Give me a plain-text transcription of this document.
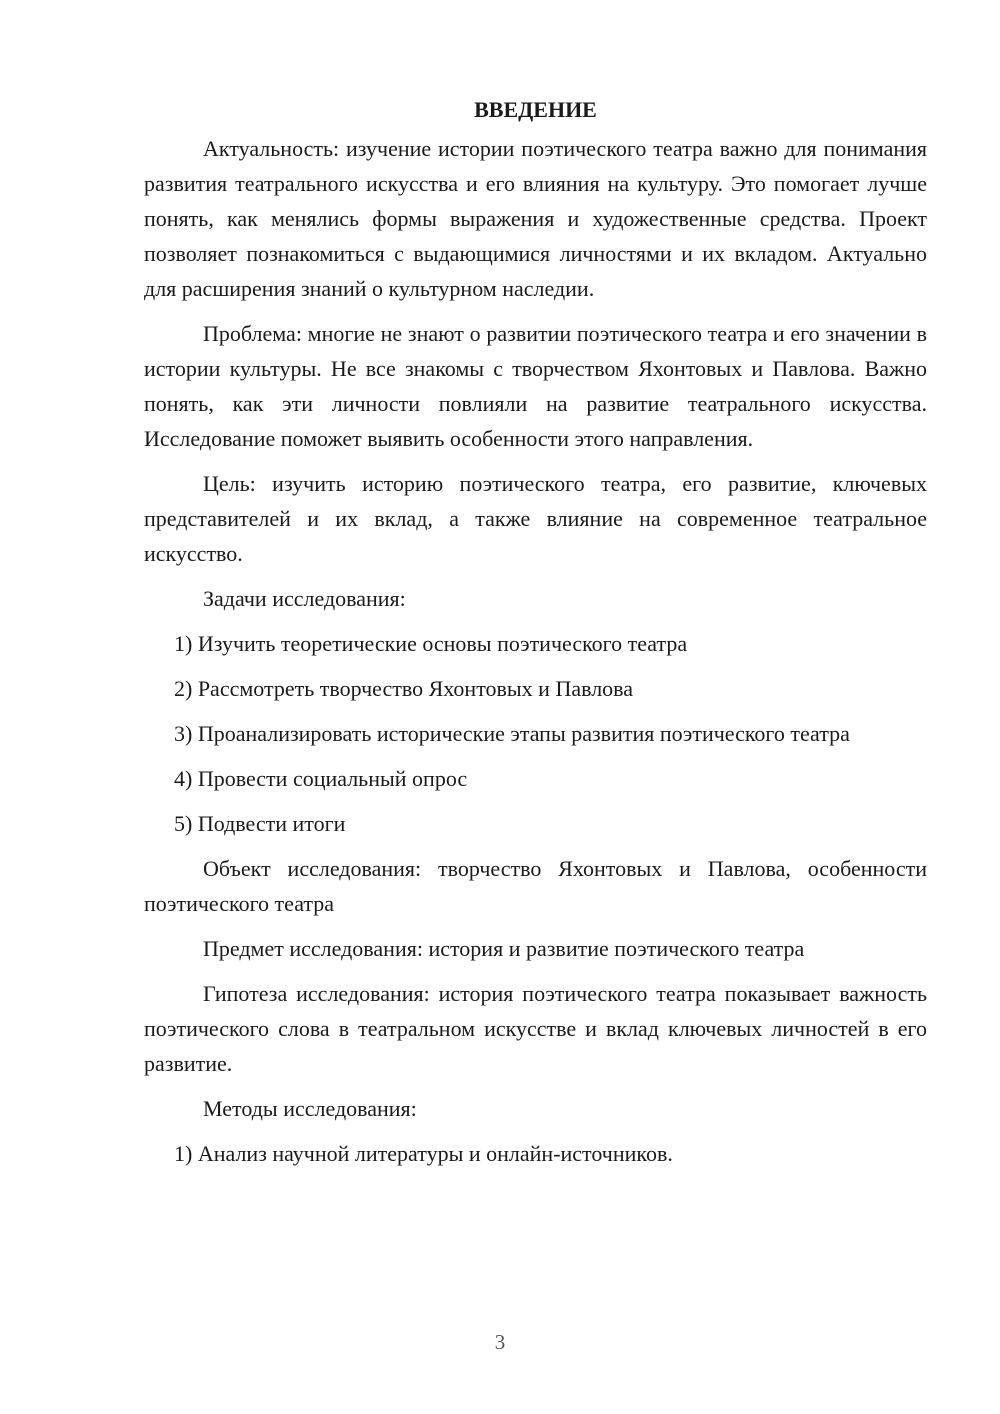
ВВЕДЕНИЕ

Актуальность: изучение истории поэтического театра важно для понимания развития театрального искусства и его влияния на культуру. Это помогает лучше понять, как менялись формы выражения и художественные средства. Проект позволяет познакомиться с выдающимися личностями и их вкладом. Актуально для расширения знаний о культурном наследии.

Проблема: многие не знают о развитии поэтического театра и его значении в истории культуры. Не все знакомы с творчеством Яхонтовых и Павлова. Важно понять, как эти личности повлияли на развитие театрального искусства. Исследование поможет выявить особенности этого направления.

Цель: изучить историю поэтического театра, его развитие, ключевых представителей и их вклад, а также влияние на современное театральное искусство.

Задачи исследования:

1) Изучить теоретические основы поэтического театра

2) Рассмотреть творчество Яхонтовых и Павлова

3) Проанализировать исторические этапы развития поэтического театра

4) Провести социальный опрос

5) Подвести итоги

Объект исследования: творчество Яхонтовых и Павлова, особенности поэтического театра

Предмет исследования: история и развитие поэтического театра

Гипотеза исследования: история поэтического театра показывает важность поэтического слова в театральном искусстве и вклад ключевых личностей в его развитие.

Методы исследования:

1) Анализ научной литературы и онлайн-источников.

3
